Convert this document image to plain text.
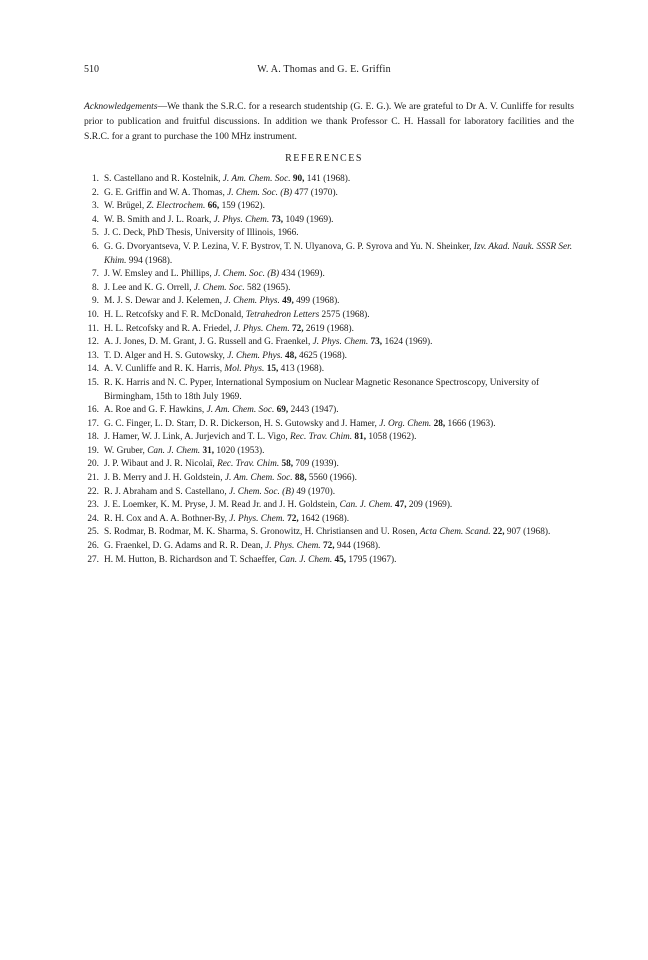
510	W. A. Thomas and G. E. Griffin

Acknowledgements—We thank the S.R.C. for a research studentship (G. E. G.). We are grateful to Dr A. V. Cunliffe for results prior to publication and fruitful discussions. In addition we thank Professor C. H. Hassall for laboratory facilities and the S.R.C. for a grant to purchase the 100 MHz instrument.

REFERENCES
1. S. Castellano and R. Kostelnik, J. Am. Chem. Soc. 90, 141 (1968).
2. G. E. Griffin and W. A. Thomas, J. Chem. Soc. (B) 477 (1970).
3. W. Brügel, Z. Electrochem. 66, 159 (1962).
4. W. B. Smith and J. L. Roark, J. Phys. Chem. 73, 1049 (1969).
5. J. C. Deck, PhD Thesis, University of Illinois, 1966.
6. G. G. Dvoryantseva, V. P. Lezina, V. F. Bystrov, T. N. Ulyanova, G. P. Syrova and Yu. N. Sheinker, Izv. Akad. Nauk. SSSR Ser. Khim. 994 (1968).
7. J. W. Emsley and L. Phillips, J. Chem. Soc. (B) 434 (1969).
8. J. Lee and K. G. Orrell, J. Chem. Soc. 582 (1965).
9. M. J. S. Dewar and J. Kelemen, J. Chem. Phys. 49, 499 (1968).
10. H. L. Retcofsky and F. R. McDonald, Tetrahedron Letters 2575 (1968).
11. H. L. Retcofsky and R. A. Friedel, J. Phys. Chem. 72, 2619 (1968).
12. A. J. Jones, D. M. Grant, J. G. Russell and G. Fraenkel, J. Phys. Chem. 73, 1624 (1969).
13. T. D. Alger and H. S. Gutowsky, J. Chem. Phys. 48, 4625 (1968).
14. A. V. Cunliffe and R. K. Harris, Mol. Phys. 15, 413 (1968).
15. R. K. Harris and N. C. Pyper, International Symposium on Nuclear Magnetic Resonance Spectroscopy, University of Birmingham, 15th to 18th July 1969.
16. A. Roe and G. F. Hawkins, J. Am. Chem. Soc. 69, 2443 (1947).
17. G. C. Finger, L. D. Starr, D. R. Dickerson, H. S. Gutowsky and J. Hamer, J. Org. Chem. 28, 1666 (1963).
18. J. Hamer, W. J. Link, A. Jurjevich and T. L. Vigo, Rec. Trav. Chim. 81, 1058 (1962).
19. W. Gruber, Can. J. Chem. 31, 1020 (1953).
20. J. P. Wibaut and J. R. Nicolaï, Rec. Trav. Chim. 58, 709 (1939).
21. J. B. Merry and J. H. Goldstein, J. Am. Chem. Soc. 88, 5560 (1966).
22. R. J. Abraham and S. Castellano, J. Chem. Soc. (B) 49 (1970).
23. J. E. Loemker, K. M. Pryse, J. M. Read Jr. and J. H. Goldstein, Can. J. Chem. 47, 209 (1969).
24. R. H. Cox and A. A. Bothner-By, J. Phys. Chem. 72, 1642 (1968).
25. S. Rodmar, B. Rodmar, M. K. Sharma, S. Gronowitz, H. Christiansen and U. Rosen, Acta Chem. Scand. 22, 907 (1968).
26. G. Fraenkel, D. G. Adams and R. R. Dean, J. Phys. Chem. 72, 944 (1968).
27. H. M. Hutton, B. Richardson and T. Schaeffer, Can. J. Chem. 45, 1795 (1967).
